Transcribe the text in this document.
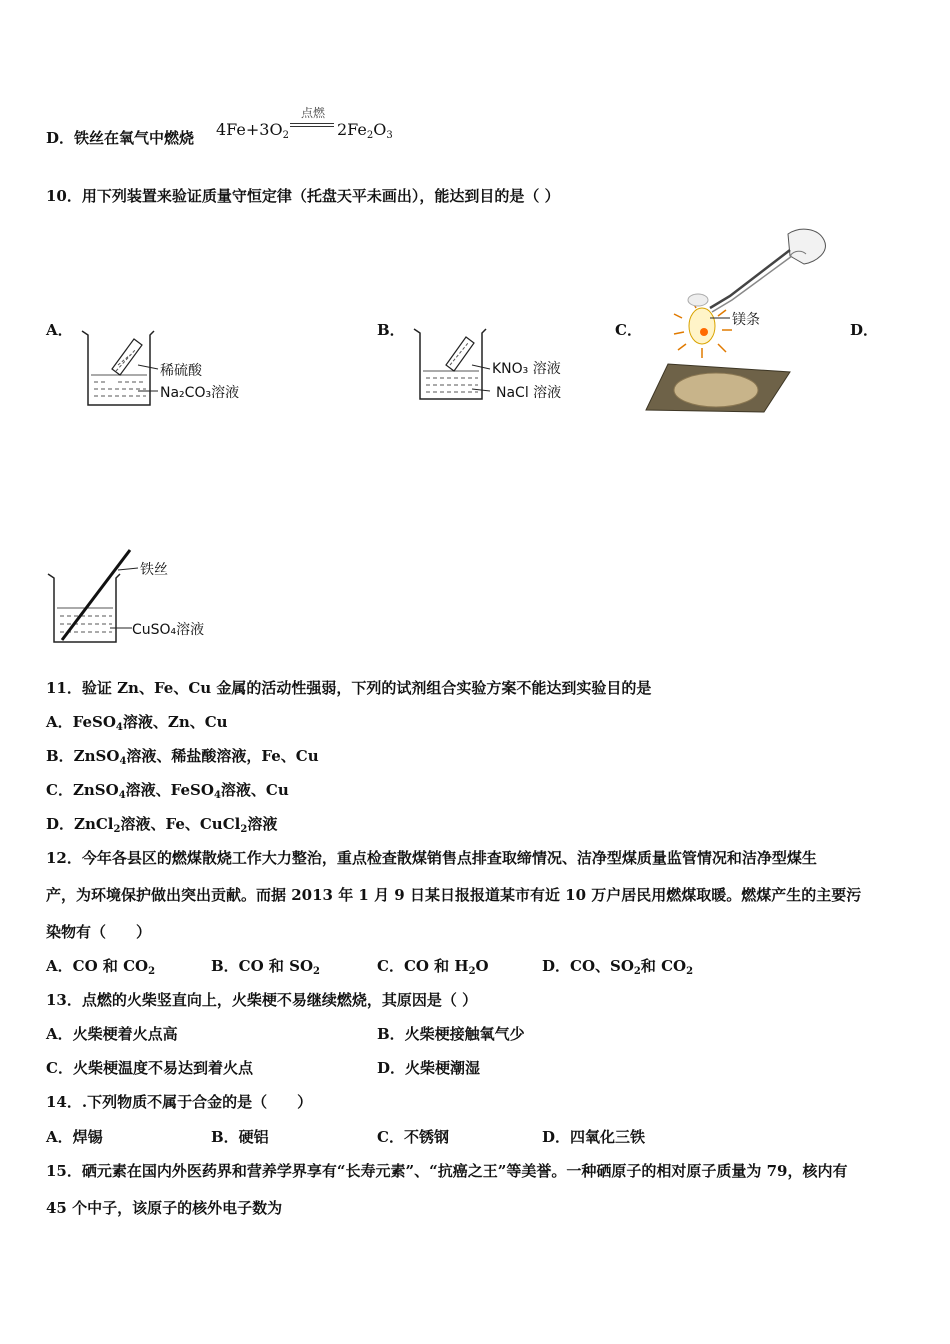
D．铁丝在氧气中燃烧 $4Fe+3O_2$
点燃
$2Fe_2O_3$
10．用下列装置来验证质量守恒定律（托盘天平未画出），能达到目的是（ ）
A．	B．	C．	D．
稀硫酸
Na₂CO₃溶液
KNO₃ 溶液
NaCl 溶液
镁条
铁丝
CuSO₄溶液
11．验证 Zn、Fe、Cu 金属的活动性强弱，下列的试剂组合实验方案不能达到实验目的是
A．FeSO$_4$溶液、Zn、Cu
B．ZnSO$_4$溶液、稀盐酸溶液，Fe、Cu
C．ZnSO$_4$溶液、FeSO$_4$溶液、Cu
D．ZnCl$_2$溶液、Fe、CuCl$_2$溶液
12．今年各县区的燃煤散烧工作大力整治，重点检查散煤销售点排查取缔情况、洁净型煤质量监管情况和洁净型煤生
产，为环境保护做出突出贡献。而据 2013 年 1 月 9 日某日报报道某市有近 10 万户居民用燃煤取暖。燃煤产生的主要污
染物有（　　）
A．CO 和 $CO_2$	B．CO 和 $SO_2$	C．CO 和 $H_2O$	D．CO、$SO_2$和 $CO_2$
13．点燃的火柴竖直向上，火柴梗不易继续燃烧，其原因是（ ）
A．火柴梗着火点高	B．火柴梗接触氧气少
C．火柴梗温度不易达到着火点	D．火柴梗潮湿
14．.下列物质不属于合金的是（　　）
A．焊锡	B．硬铝	C．不锈钢	D．四氧化三铁
15．硒元素在国内外医药界和营养学界享有“长寿元素”、“抗癌之王”等美誉。一种硒原子的相对原子质量为 79，核内有
45 个中子，该原子的核外电子数为
